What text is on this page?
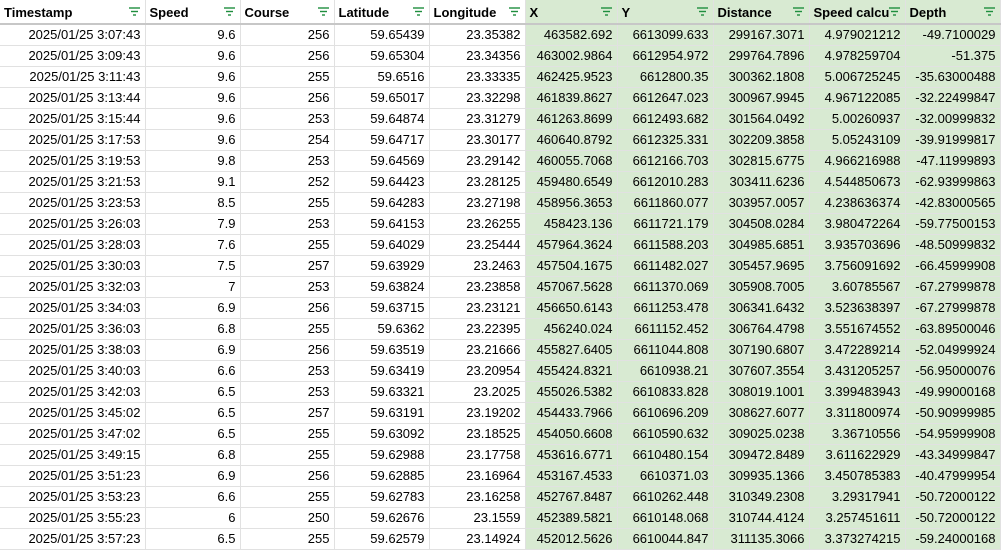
Timestamp	Speed	Course	Latitude	Longitude	X	Y	Distance	Speed calcu	Depth

2025/01/25 3:07:43	9.6	256	59.65439	23.35382	463582.692	6613099.633	299167.3071	4.979021212	-49.7100029
2025/01/25 3:09:43	9.6	256	59.65304	23.34356	463002.9864	6612954.972	299764.7896	4.978259704	-51.375
2025/01/25 3:11:43	9.6	255	59.6516	23.33335	462425.9523	6612800.35	300362.1808	5.006725245	-35.63000488
2025/01/25 3:13:44	9.6	256	59.65017	23.32298	461839.8627	6612647.023	300967.9945	4.967122085	-32.22499847
2025/01/25 3:15:44	9.6	253	59.64874	23.31279	461263.8699	6612493.682	301564.0492	5.00260937	-32.00999832
2025/01/25 3:17:53	9.6	254	59.64717	23.30177	460640.8792	6612325.331	302209.3858	5.05243109	-39.91999817
2025/01/25 3:19:53	9.8	253	59.64569	23.29142	460055.7068	6612166.703	302815.6775	4.966216988	-47.11999893
2025/01/25 3:21:53	9.1	252	59.64423	23.28125	459480.6549	6612010.283	303411.6236	4.544850673	-62.93999863
2025/01/25 3:23:53	8.5	255	59.64283	23.27198	458956.3653	6611860.077	303957.0057	4.238636374	-42.83000565
2025/01/25 3:26:03	7.9	253	59.64153	23.26255	458423.136	6611721.179	304508.0284	3.980472264	-59.77500153
2025/01/25 3:28:03	7.6	255	59.64029	23.25444	457964.3624	6611588.203	304985.6851	3.935703696	-48.50999832
2025/01/25 3:30:03	7.5	257	59.63929	23.2463	457504.1675	6611482.027	305457.9695	3.756091692	-66.45999908
2025/01/25 3:32:03	7	253	59.63824	23.23858	457067.5628	6611370.069	305908.7005	3.60785567	-67.27999878
2025/01/25 3:34:03	6.9	256	59.63715	23.23121	456650.6143	6611253.478	306341.6432	3.523638397	-67.27999878
2025/01/25 3:36:03	6.8	255	59.6362	23.22395	456240.024	6611152.452	306764.4798	3.551674552	-63.89500046
2025/01/25 3:38:03	6.9	256	59.63519	23.21666	455827.6405	6611044.808	307190.6807	3.472289214	-52.04999924
2025/01/25 3:40:03	6.6	253	59.63419	23.20954	455424.8321	6610938.21	307607.3554	3.431205257	-56.95000076
2025/01/25 3:42:03	6.5	253	59.63321	23.2025	455026.5382	6610833.828	308019.1001	3.399483943	-49.99000168
2025/01/25 3:45:02	6.5	257	59.63191	23.19202	454433.7966	6610696.209	308627.6077	3.311800974	-50.90999985
2025/01/25 3:47:02	6.5	255	59.63092	23.18525	454050.6608	6610590.632	309025.0238	3.36710556	-54.95999908
2025/01/25 3:49:15	6.8	255	59.62988	23.17758	453616.6771	6610480.154	309472.8489	3.611622929	-43.34999847
2025/01/25 3:51:23	6.9	256	59.62885	23.16964	453167.4533	6610371.03	309935.1366	3.450785383	-40.47999954
2025/01/25 3:53:23	6.6	255	59.62783	23.16258	452767.8487	6610262.448	310349.2308	3.29317941	-50.72000122
2025/01/25 3:55:23	6	250	59.62676	23.1559	452389.5821	6610148.068	310744.4124	3.257451611	-50.72000122
2025/01/25 3:57:23	6.5	255	59.62579	23.14924	452012.5626	6610044.847	311135.3066	3.373274215	-59.24000168
